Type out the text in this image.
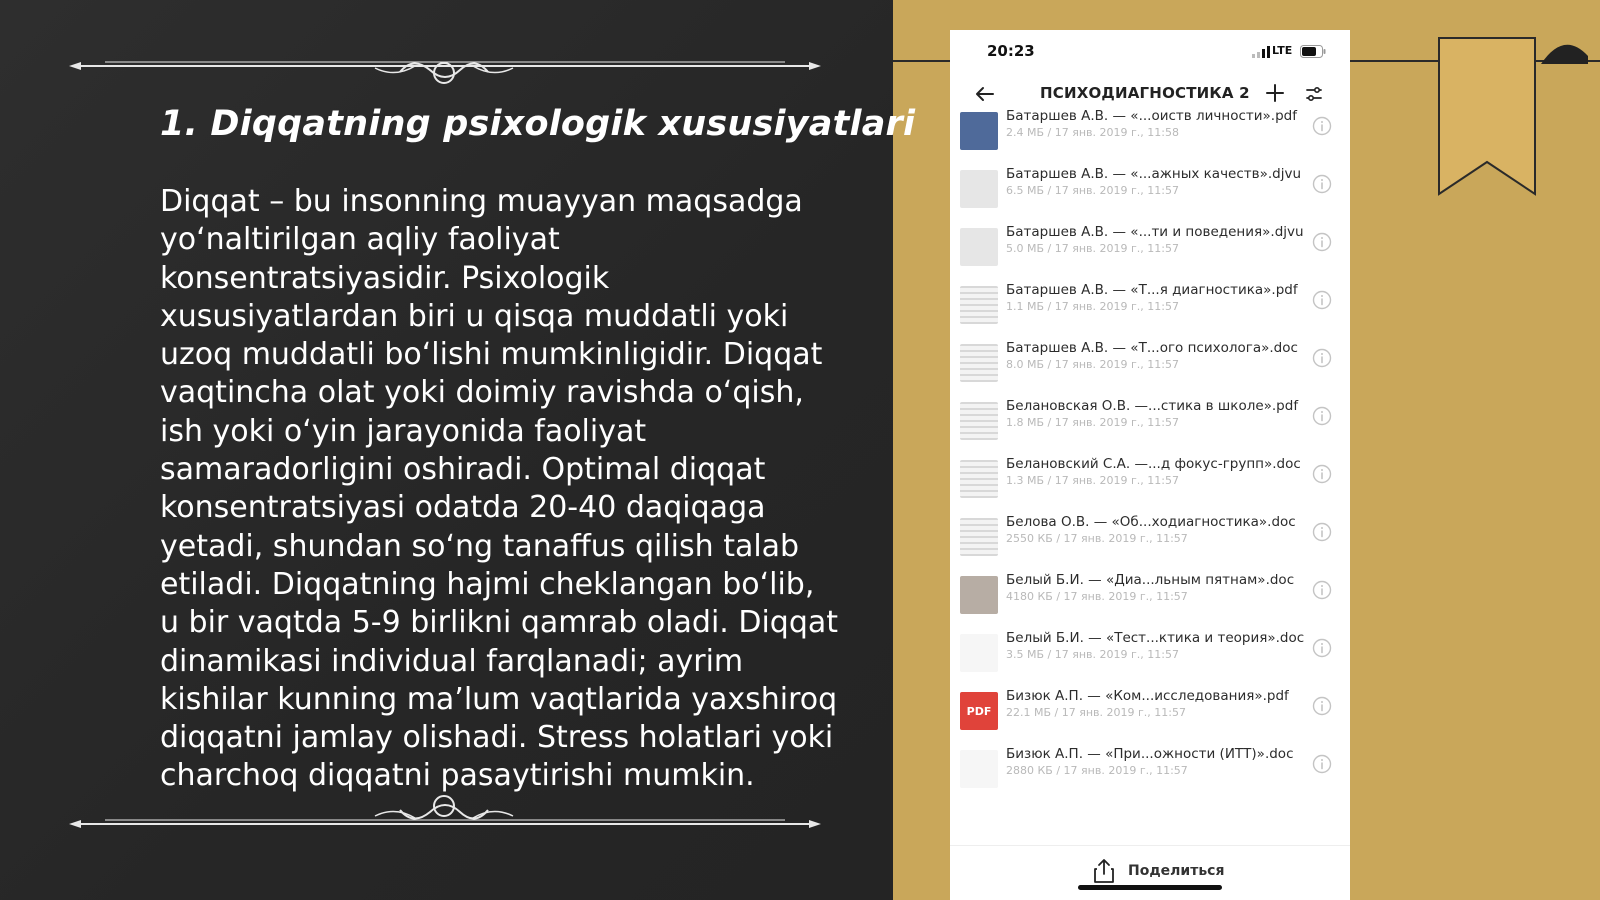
1. Diqqatning psixologik xususiyatlari

Diqqat – bu insonning muayyan maqsadga yo‘naltirilgan aqliy faoliyat konsentratsiyasidir. Psixologik xususiyatlardan biri u qisqa muddatli yoki uzoq muddatli bo‘lishi mumkinligidir. Diqqat vaqtincha olat yoki doimiy ravishda o‘qish, ish yoki o‘yin jarayonida faoliyat samaradorligini oshiradi. Optimal diqqat konsentratsiyasi odatda 20-40 daqiqaga yetadi, shundan so‘ng tanaffus qilish talab etiladi. Diqqatning hajmi cheklangan bo‘lib, u bir vaqtda 5-9 birlikni qamrab oladi. Diqqat dinamikasi individual farqlanadi; ayrim kishilar kunning ma’lum vaqtlarida yaxshiroq diqqatni jamlay olishadi. Stress holatlari yoki charchoq diqqatni pasaytirishi mumkin.

20:23	LTE
ПСИХОДИАГНОСТИКА 2
Батаршев А.В. — «...оиств личности».pdf
2.4 МБ / 17 янв. 2019 г., 11:58
Батаршев А.В. — «...ажных качеств».djvu
6.5 МБ / 17 янв. 2019 г., 11:57
Батаршев А.В. — «...ти и поведения».djvu
5.0 МБ / 17 янв. 2019 г., 11:57
Батаршев А.В. — «Т...я диагностика».pdf
1.1 МБ / 17 янв. 2019 г., 11:57
Батаршев А.В. — «Т...ого психолога».doc
8.0 МБ / 17 янв. 2019 г., 11:57
Белановская О.В. —...стика в школе».pdf
1.8 МБ / 17 янв. 2019 г., 11:57
Белановский С.А. —...д фокус-групп».doc
1.3 МБ / 17 янв. 2019 г., 11:57
Белова О.В. — «Об...ходиагностика».doc
2550 КБ / 17 янв. 2019 г., 11:57
Белый Б.И. — «Диа...льным пятнам».doc
4180 КБ / 17 янв. 2019 г., 11:57
Белый Б.И. — «Тест...ктика и теория».doc
3.5 МБ / 17 янв. 2019 г., 11:57
PDF
Бизюк А.П. — «Ком...исследования».pdf
22.1 МБ / 17 янв. 2019 г., 11:57
Бизюк А.П. — «При...ожности (ИТТ)».doc
2880 КБ / 17 янв. 2019 г., 11:57
Поделиться
